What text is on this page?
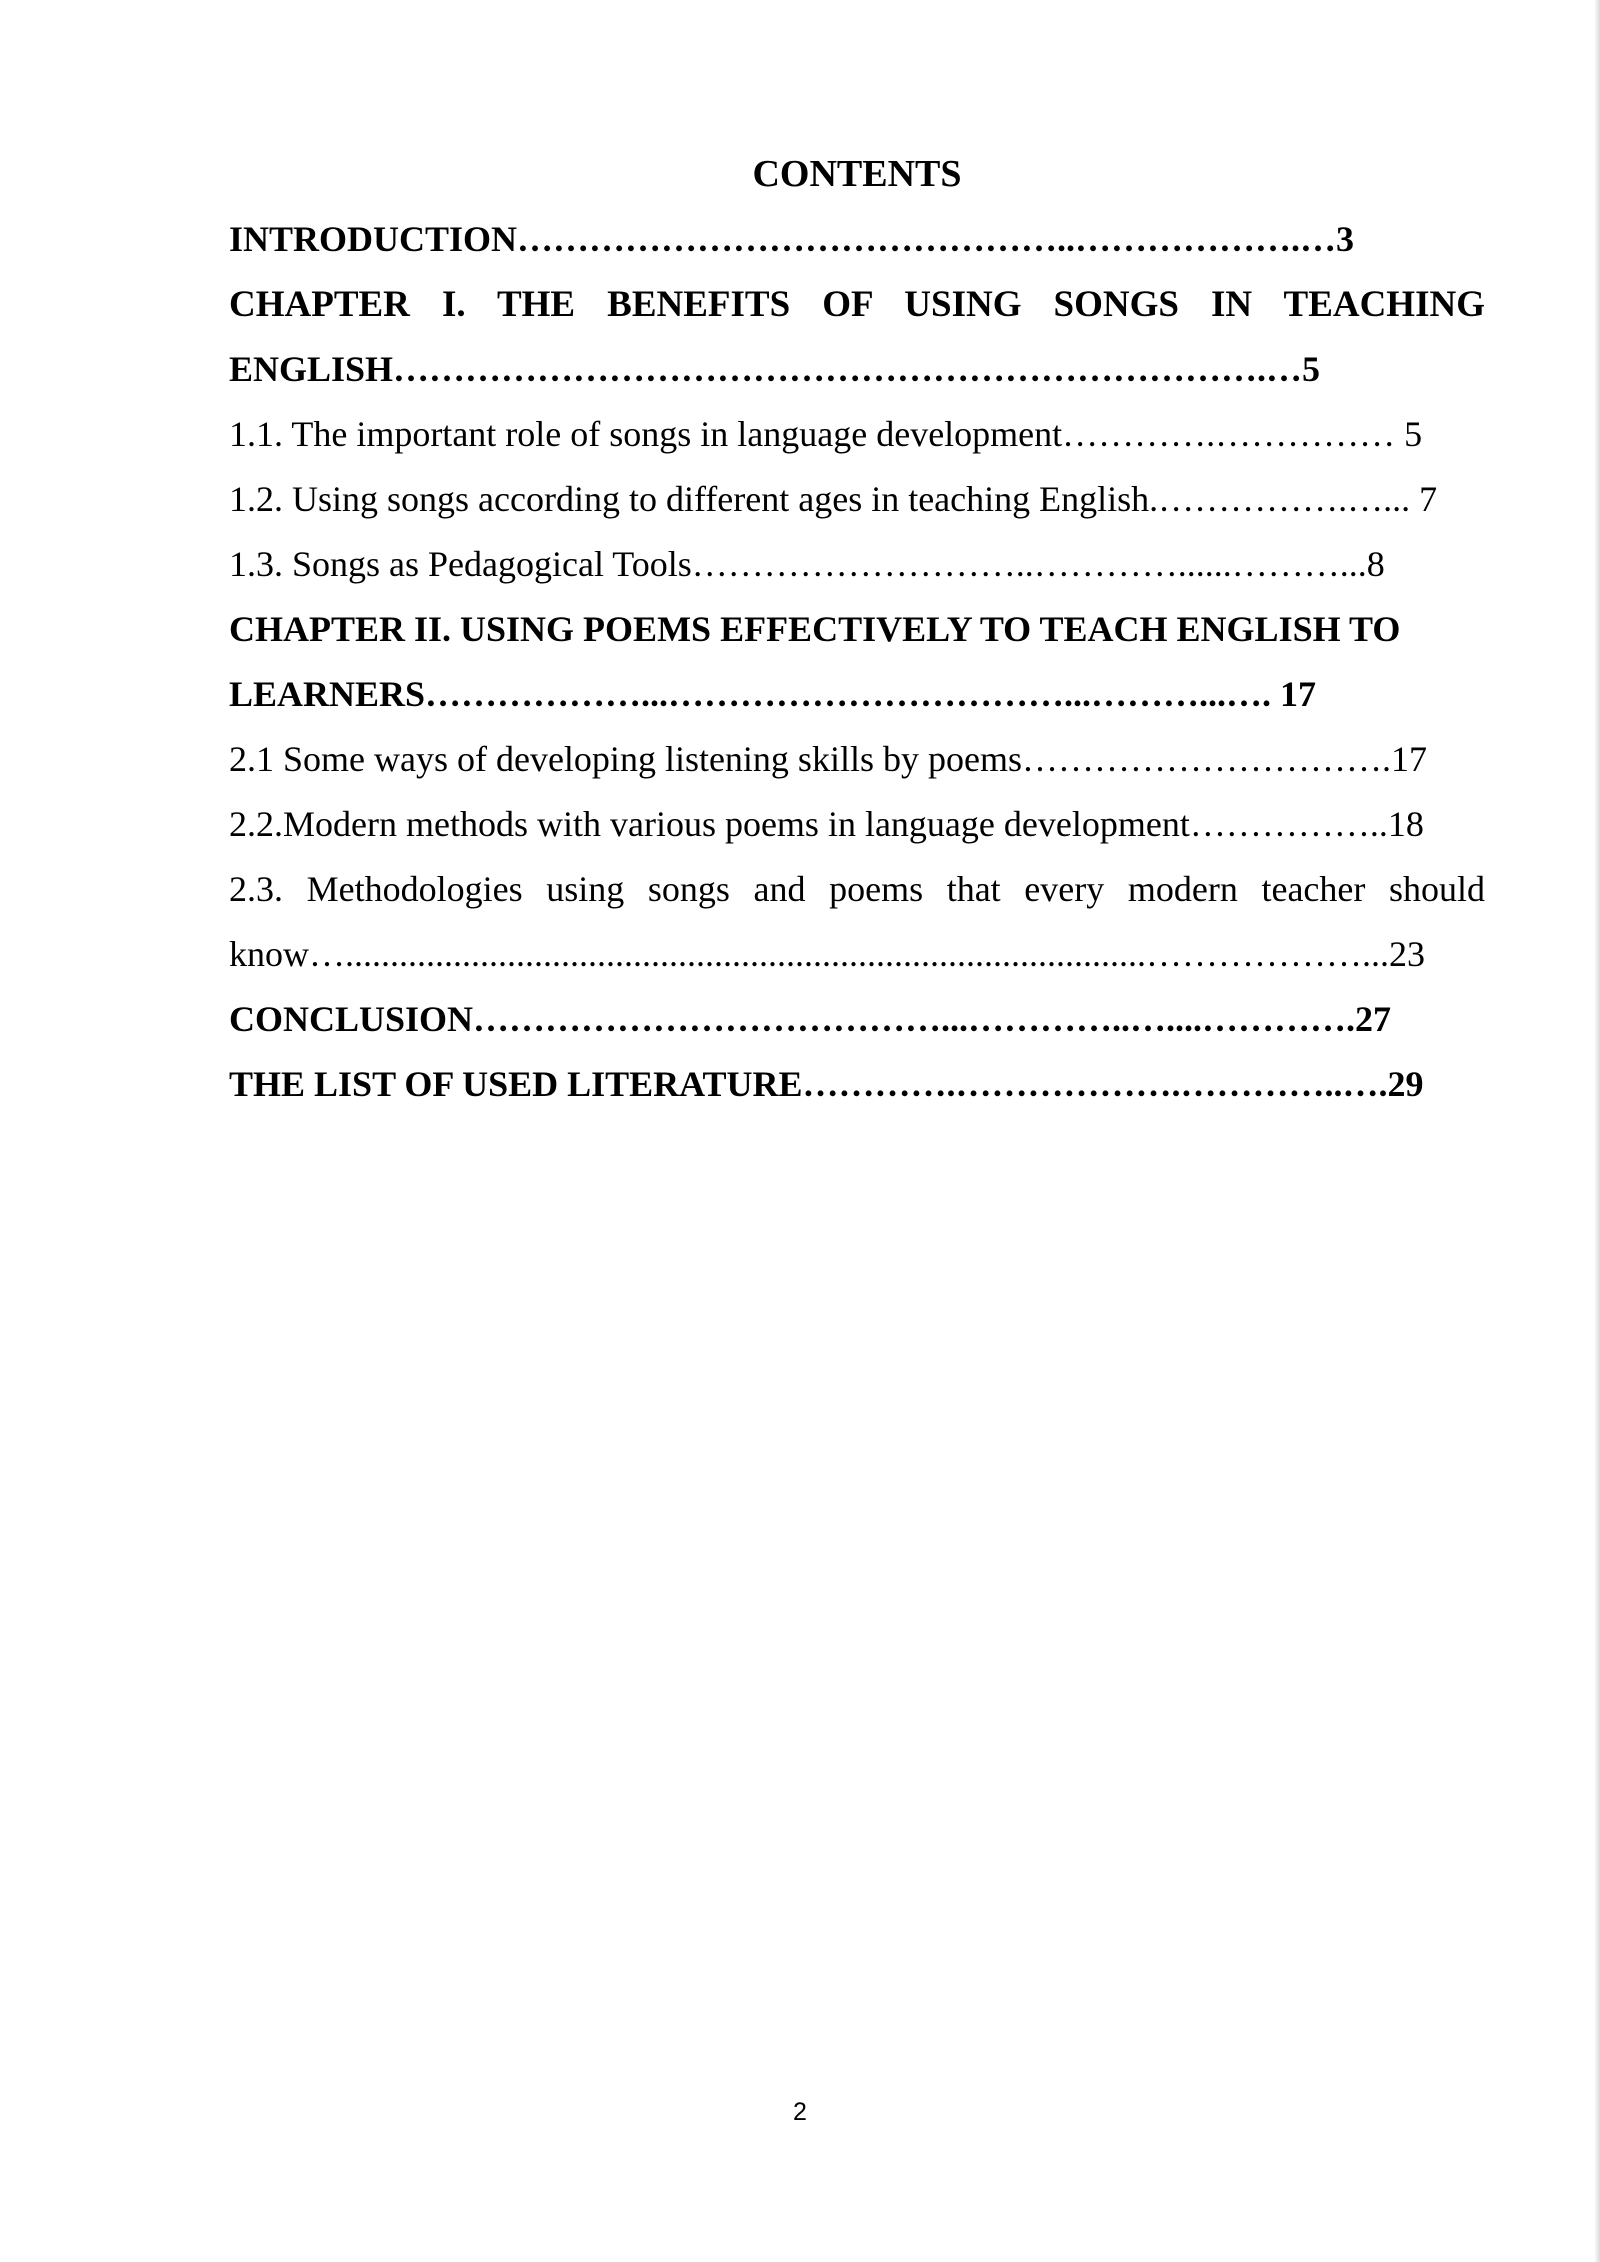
CONTENTS

INTRODUCTION………………………………………..……………….…3

CHAPTER I. THE BENEFITS OF USING SONGS IN TEACHING

ENGLISH……………………………………………………………….…5

1.1. The important role of songs in language development………….…………… 5

1.2. Using songs according to different ages in teaching English.…………….…... 7

1.3. Songs as Pedagogical Tools………………………..…………......………...8

CHAPTER II. USING POEMS EFFECTIVELY TO TEACH ENGLISH TO

LEARNERS………………...……………………………...………...…. 17

2.1 Some ways of developing listening skills by poems………………………….17

2.2.Modern methods with various poems in language development……………..18

2.3. Methodologies using songs and poems that every modern teacher should

know….........................................................................................………………...23

CONCLUSION…………………………………...…………..…....………….27

THE LIST OF USED LITERATURE………….……………….…………..….29

2
